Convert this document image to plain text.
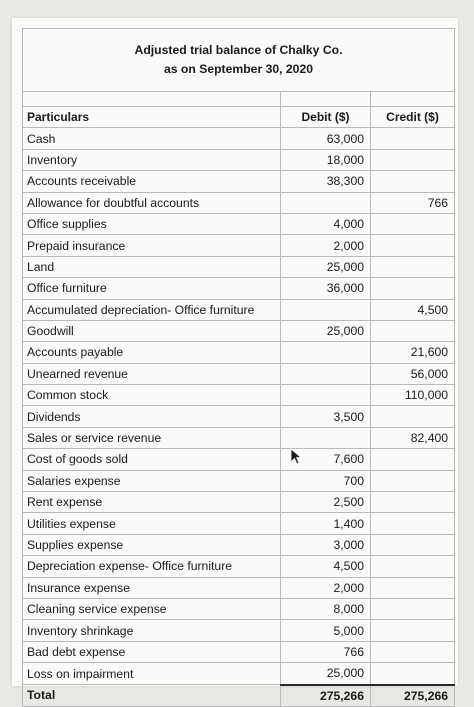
Adjusted trial balance of Chalky Co.
as on September 30, 2020		

Particulars	Debit ($)	Credit ($)
Cash	63,000	
Inventory	18,000	
Accounts receivable	38,300	
Allowance for doubtful accounts		766
Office supplies	4,000	
Prepaid insurance	2,000	
Land	25,000	
Office furniture	36,000	
Accumulated depreciation- Office furniture		4,500
Goodwill	25,000	
Accounts payable		21,600
Unearned revenue		56,000
Common stock		110,000
Dividends	3,500	
Sales or service revenue		82,400
Cost of goods sold	7,600	
Salaries expense	700	
Rent expense	2,500	
Utilities expense	1,400	
Supplies expense	3,000	
Depreciation expense- Office furniture	4,500	
Insurance expense	2,000	
Cleaning service expense	8,000	
Inventory shrinkage	5,000	
Bad debt expense	766	
Loss on impairment	25,000	
Total	275,266	275,266
